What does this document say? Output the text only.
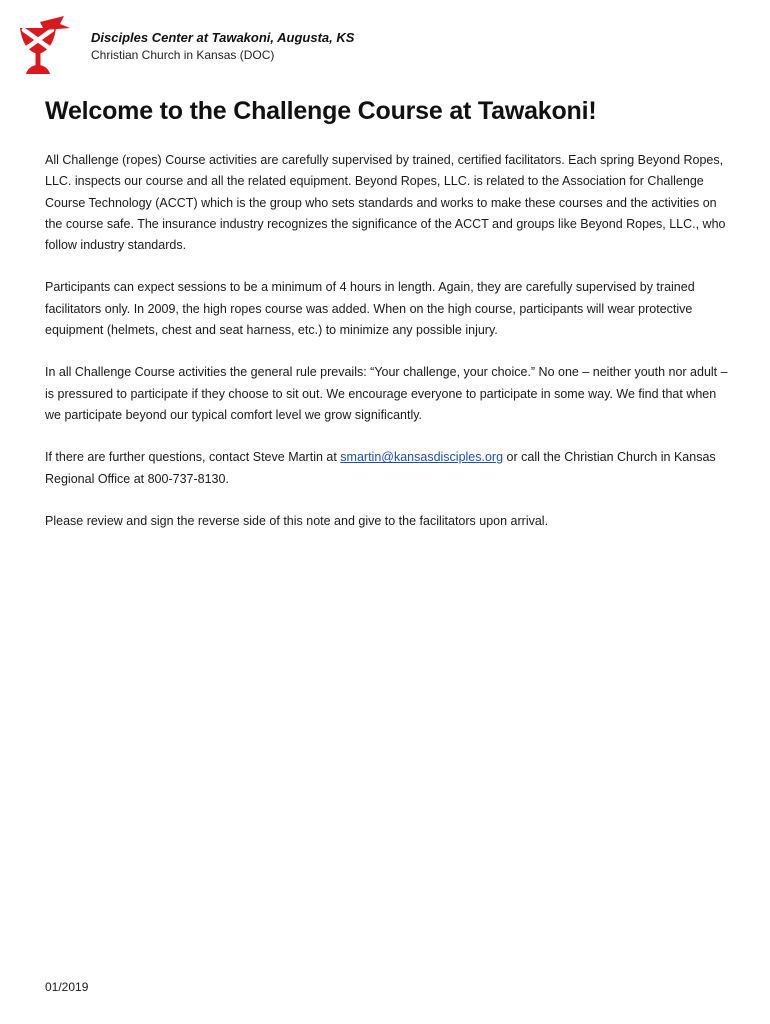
Disciples Center at Tawakoni, Augusta, KS
Christian Church in Kansas (DOC)
Welcome to the Challenge Course at Tawakoni!

All Challenge (ropes) Course activities are carefully supervised by trained, certified facilitators. Each spring Beyond Ropes, LLC. inspects our course and all the related equipment. Beyond Ropes, LLC. is related to the Association for Challenge Course Technology (ACCT) which is the group who sets standards and works to make these courses and the activities on the course safe. The insurance industry recognizes the significance of the ACCT and groups like Beyond Ropes, LLC., who follow industry standards.

Participants can expect sessions to be a minimum of 4 hours in length. Again, they are carefully supervised by trained facilitators only. In 2009, the high ropes course was added. When on the high course, participants will wear protective equipment (helmets, chest and seat harness, etc.) to minimize any possible injury.

In all Challenge Course activities the general rule prevails: “Your challenge, your choice.” No one – neither youth nor adult – is pressured to participate if they choose to sit out. We encourage everyone to participate in some way. We find that when we participate beyond our typical comfort level we grow significantly.

If there are further questions, contact Steve Martin at smartin@kansasdisciples.org or call the Christian Church in Kansas Regional Office at 800-737-8130.

Please review and sign the reverse side of this note and give to the facilitators upon arrival.

01/2019
